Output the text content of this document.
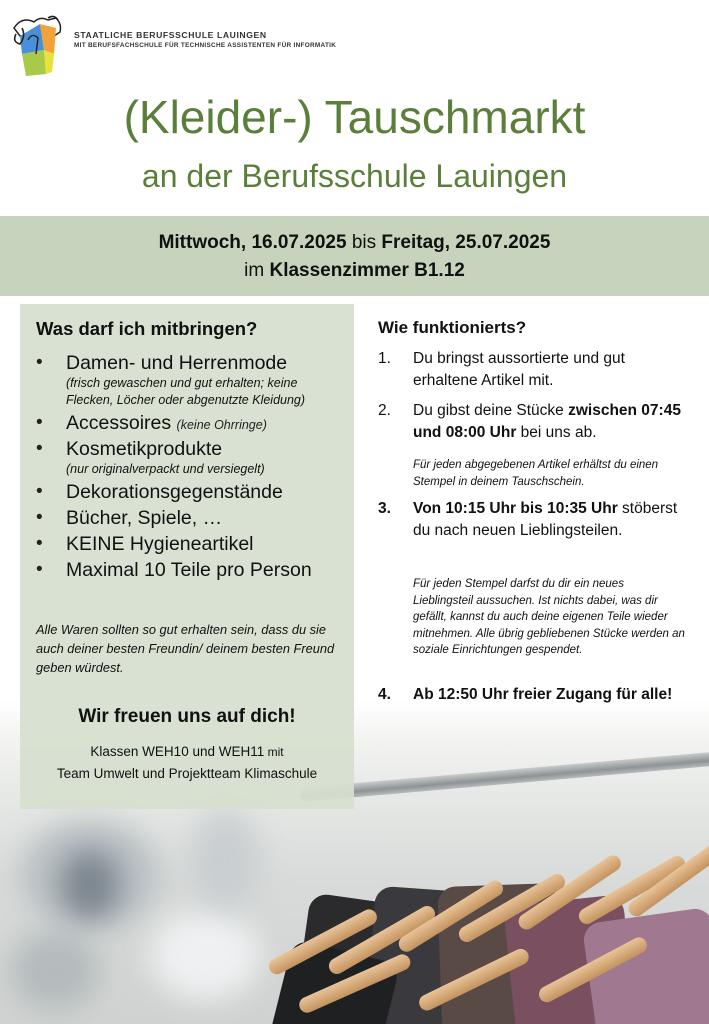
STAATLICHE BERUFSSCHULE LAUINGEN
MIT BERUFSFACHSCHULE FÜR TECHNISCHE ASSISTENTEN FÜR INFORMATIK
(Kleider-) Tauschmarkt
an der Berufsschule Lauingen
Mittwoch, 16.07.2025 bis Freitag, 25.07.2025
im Klassenzimmer B1.12
Was darf ich mitbringen?
• Damen- und Herrenmode
(frisch gewaschen und gut erhalten; keine Flecken, Löcher oder abgenutzte Kleidung)
• Accessoires (keine Ohrringe)
• Kosmetikprodukte
(nur originalverpackt und versiegelt)
• Dekorationsgegenstände
• Bücher, Spiele, …
• KEINE Hygieneartikel
• Maximal 10 Teile pro Person
Alle Waren sollten so gut erhalten sein, dass du sie auch deiner besten Freundin/ deinem besten Freund geben würdest.
Wir freuen uns auf dich!
Klassen WEH10 und WEH11 mit
Team Umwelt und Projektteam Klimaschule
Wie funktionierts?
1. Du bringst aussortierte und gut erhaltene Artikel mit.
2. Du gibst deine Stücke zwischen 07:45 und 08:00 Uhr bei uns ab.
Für jeden abgegebenen Artikel erhältst du einen Stempel in deinem Tauschschein.
3. Von 10:15 Uhr bis 10:35 Uhr stöberst du nach neuen Lieblingsteilen.
Für jeden Stempel darfst du dir ein neues Lieblingsteil aussuchen. Ist nichts dabei, was dir gefällt, kannst du auch deine eigenen Teile wieder mitnehmen. Alle übrig gebliebenen Stücke werden an soziale Einrichtungen gespendet.
4. Ab 12:50 Uhr freier Zugang für alle!
